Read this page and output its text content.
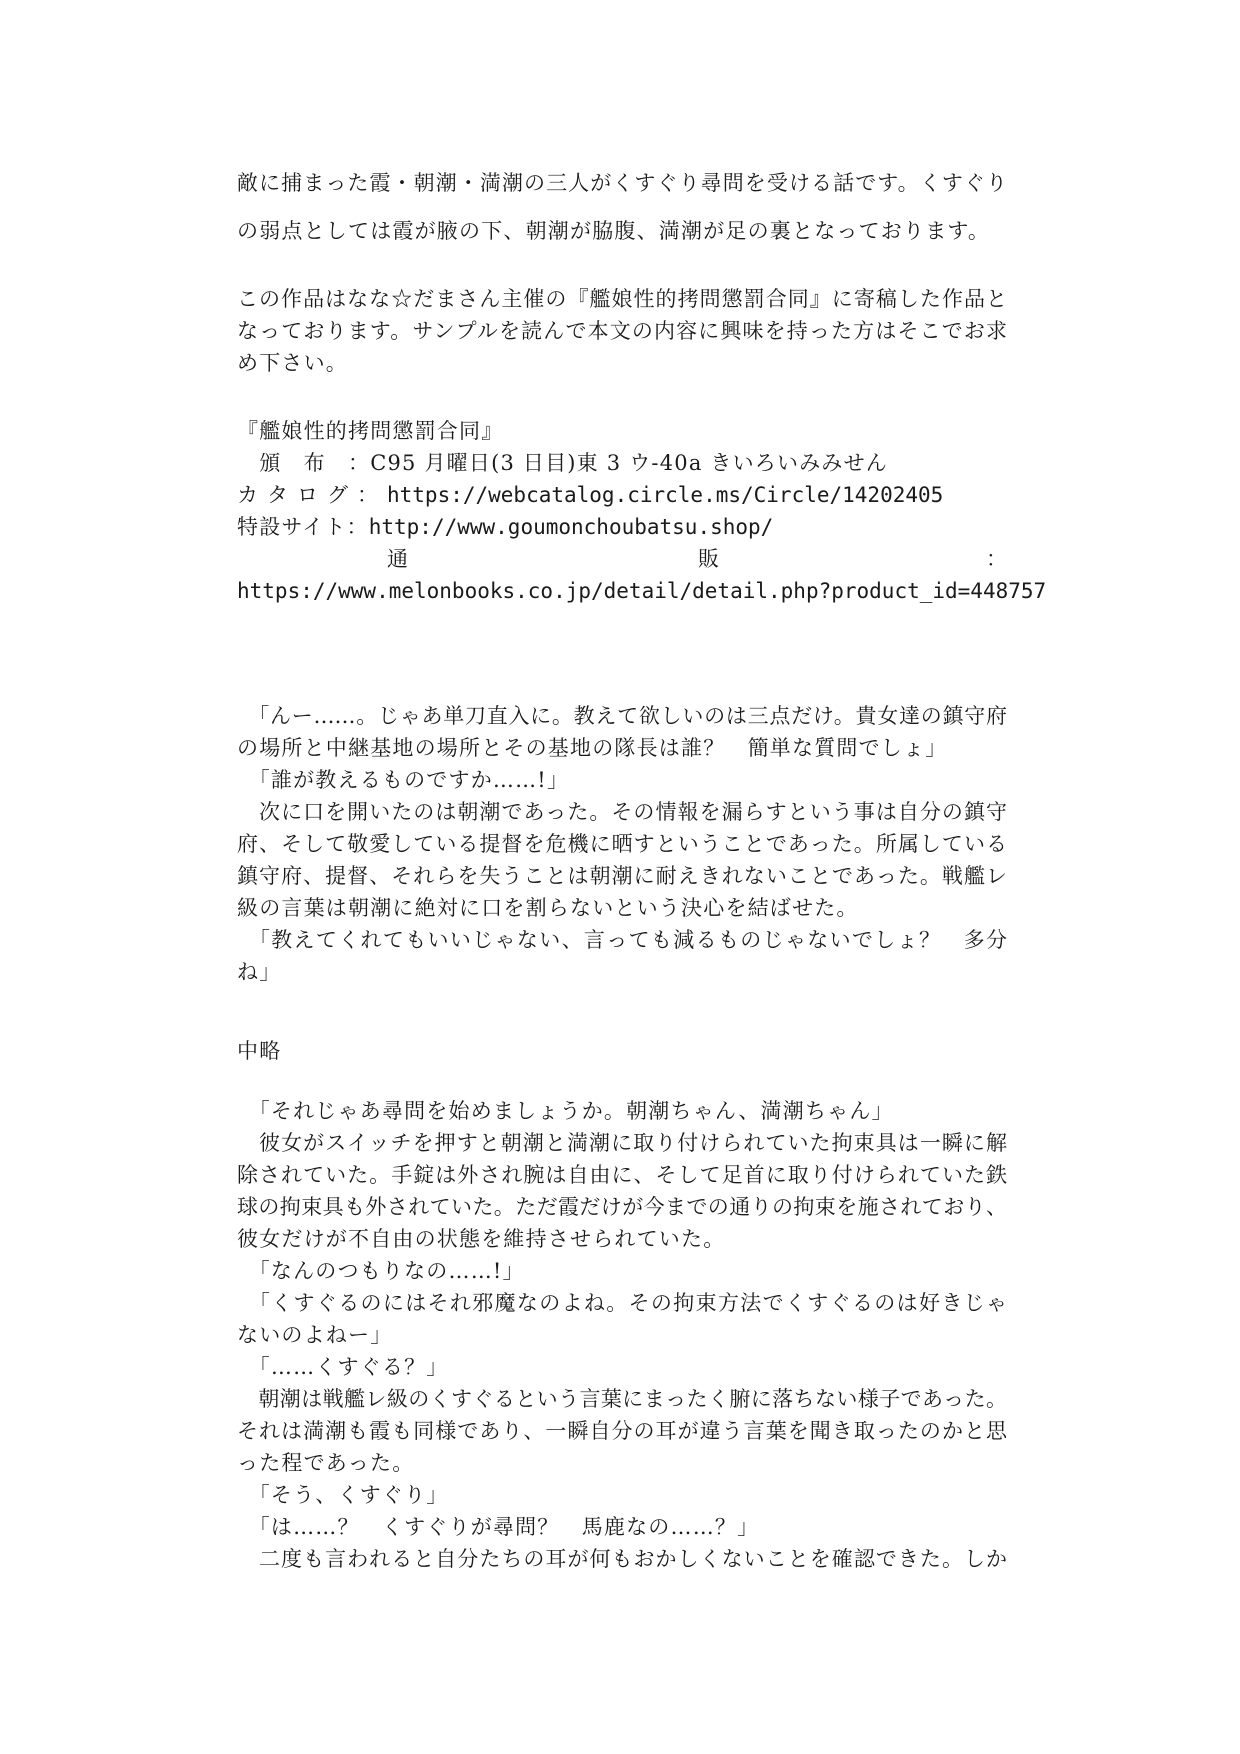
敵に捕まった霞・朝潮・満潮の三人がくすぐり尋問を受ける話です。くすぐり
の弱点としては霞が腋の下、朝潮が脇腹、満潮が足の裏となっております。
この作品はなな☆だまさん主催の『艦娘性的拷問懲罰合同』に寄稿した作品と
なっております。サンプルを読んで本文の内容に興味を持った方はそこでお求
め下さい。
『艦娘性的拷問懲罰合同』
　頒　布　：C95 月曜日(3 日目)東 3 ウ-40a きいろいみみせん
カタログ：https://webcatalog.circle.ms/Circle/14202405
特設サイト：http://www.goumonchoubatsu.shop/
通	販	：
https://www.melonbooks.co.jp/detail/detail.php?product_id=448757
　「んー……。じゃあ単刀直入に。教えて欲しいのは三点だけ。貴女達の鎮守府
の場所と中継基地の場所とその基地の隊長は誰？　簡単な質問でしょ」
　「誰が教えるものですか……!」
　次に口を開いたのは朝潮であった。その情報を漏らすという事は自分の鎮守
府、そして敬愛している提督を危機に晒すということであった。所属している
鎮守府、提督、それらを失うことは朝潮に耐えきれないことであった。戦艦レ
級の言葉は朝潮に絶対に口を割らないという決心を結ばせた。
　「教えてくれてもいいじゃない、言っても減るものじゃないでしょ？　多分
ね」
中略
　「それじゃあ尋問を始めましょうか。朝潮ちゃん、満潮ちゃん」
　彼女がスイッチを押すと朝潮と満潮に取り付けられていた拘束具は一瞬に解
除されていた。手錠は外され腕は自由に、そして足首に取り付けられていた鉄
球の拘束具も外されていた。ただ霞だけが今までの通りの拘束を施されており、
彼女だけが不自由の状態を維持させられていた。
　「なんのつもりなの……!」
　「くすぐるのにはそれ邪魔なのよね。その拘束方法でくすぐるのは好きじゃ
ないのよねー」
　「……くすぐる？」
　朝潮は戦艦レ級のくすぐるという言葉にまったく腑に落ちない様子であった。
それは満潮も霞も同様であり、一瞬自分の耳が違う言葉を聞き取ったのかと思
った程であった。
　「そう、くすぐり」
　「は……？　くすぐりが尋問？　馬鹿なの……？」
　二度も言われると自分たちの耳が何もおかしくないことを確認できた。しか
